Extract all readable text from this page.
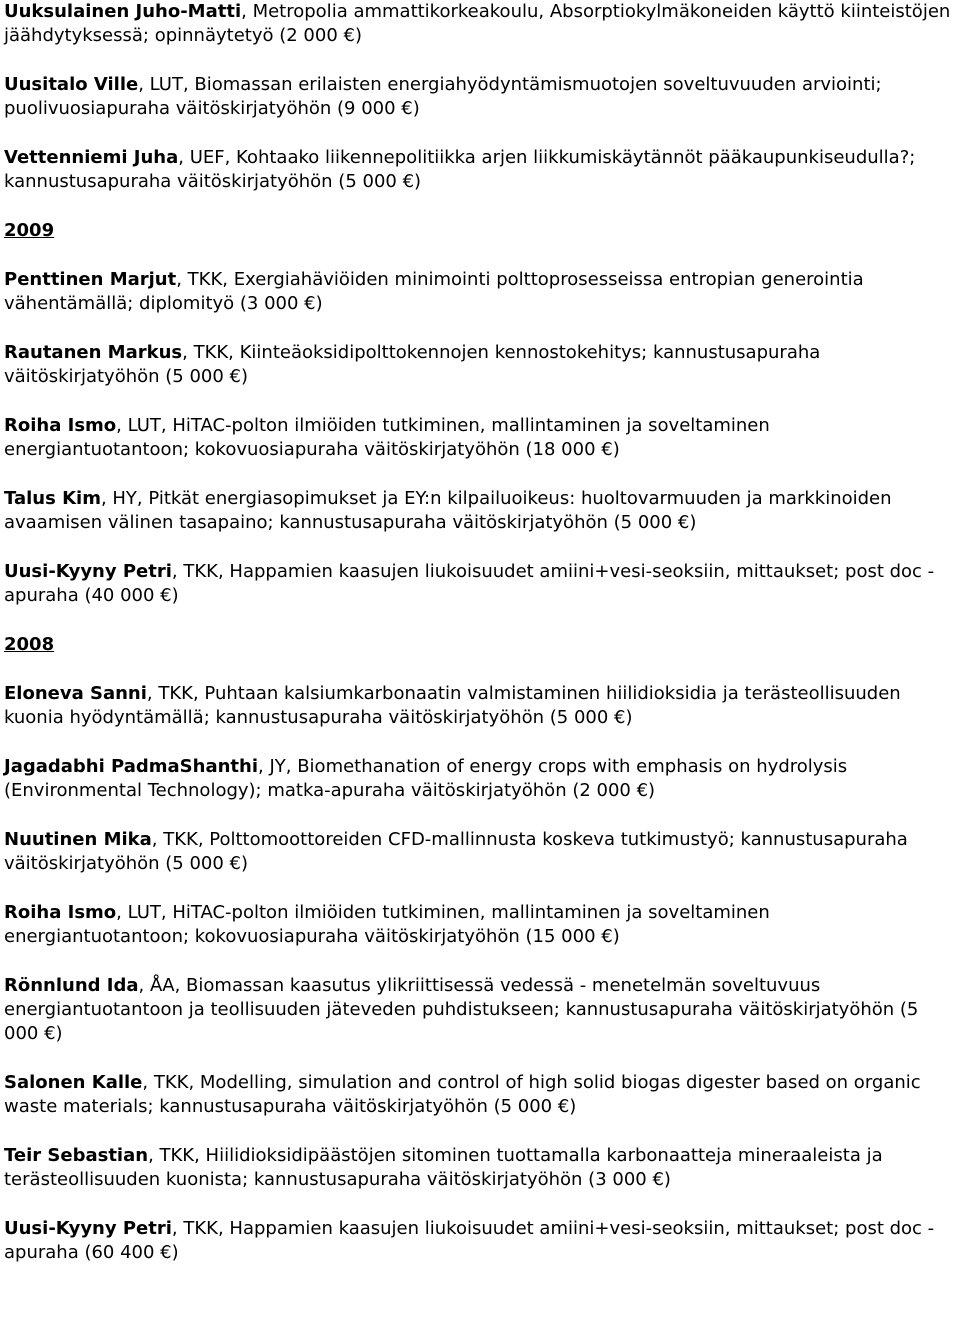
Uuksulainen Juho-Matti, Metropolia ammattikorkeakoulu, Absorptiokylmäkoneiden käyttö kiinteistöjen jäähdytyksessä; opinnäytetyö (2 000 €)

Uusitalo Ville, LUT, Biomassan erilaisten energiahyödyntämismuotojen soveltuvuuden arviointi; puolivuosiapuraha väitöskirjatyöhön (9 000 €)

Vettenniemi Juha, UEF, Kohtaako liikennepolitiikka arjen liikkumiskäytännöt pääkaupunkiseudulla?; kannustusapuraha väitöskirjatyöhön (5 000 €)

2009

Penttinen Marjut, TKK, Exergiahäviöiden minimointi polttoprosesseissa entropian generointia vähentämällä; diplomityö (3 000 €)

Rautanen Markus, TKK, Kiinteäoksidipolttokennojen kennostokehitys; kannustusapuraha väitöskirjatyöhön (5 000 €)

Roiha Ismo, LUT, HiTAC-polton ilmiöiden tutkiminen, mallintaminen ja soveltaminen energiantuotantoon; kokovuosiapuraha väitöskirjatyöhön (18 000 €)

Talus Kim, HY, Pitkät energiasopimukset ja EY:n kilpailuoikeus: huoltovarmuuden ja markkinoiden avaamisen välinen tasapaino; kannustusapuraha väitöskirjatyöhön (5 000 €)

Uusi-Kyyny Petri, TKK, Happamien kaasujen liukoisuudet amiini+vesi-seoksiin, mittaukset; post doc -apuraha (40 000 €)

2008

Eloneva Sanni, TKK, Puhtaan kalsiumkarbonaatin valmistaminen hiilidioksidia ja terästeollisuuden kuonia hyödyntämällä; kannustusapuraha väitöskirjatyöhön (5 000 €)

Jagadabhi PadmaShanthi, JY, Biomethanation of energy crops with emphasis on hydrolysis (Environmental Technology); matka-apuraha väitöskirjatyöhön (2 000 €)

Nuutinen Mika, TKK, Polttomoottoreiden CFD-mallinnusta koskeva tutkimustyö; kannustusapuraha väitöskirjatyöhön (5 000 €)

Roiha Ismo, LUT, HiTAC-polton ilmiöiden tutkiminen, mallintaminen ja soveltaminen energiantuotantoon; kokovuosiapuraha väitöskirjatyöhön (15 000 €)

Rönnlund Ida, ÅA, Biomassan kaasutus ylikriittisessä vedessä - menetelmän soveltuvuus energiantuotantoon ja teollisuuden jäteveden puhdistukseen; kannustusapuraha väitöskirjatyöhön (5 000 €)

Salonen Kalle, TKK, Modelling, simulation and control of high solid biogas digester based on organic waste materials; kannustusapuraha väitöskirjatyöhön (5 000 €)

Teir Sebastian, TKK, Hiilidioksidipäästöjen sitominen tuottamalla karbonaatteja mineraaleista ja terästeollisuuden kuonista; kannustusapuraha väitöskirjatyöhön (3 000 €)

Uusi-Kyyny Petri, TKK, Happamien kaasujen liukoisuudet amiini+vesi-seoksiin, mittaukset; post doc -apuraha (60 400 €)
